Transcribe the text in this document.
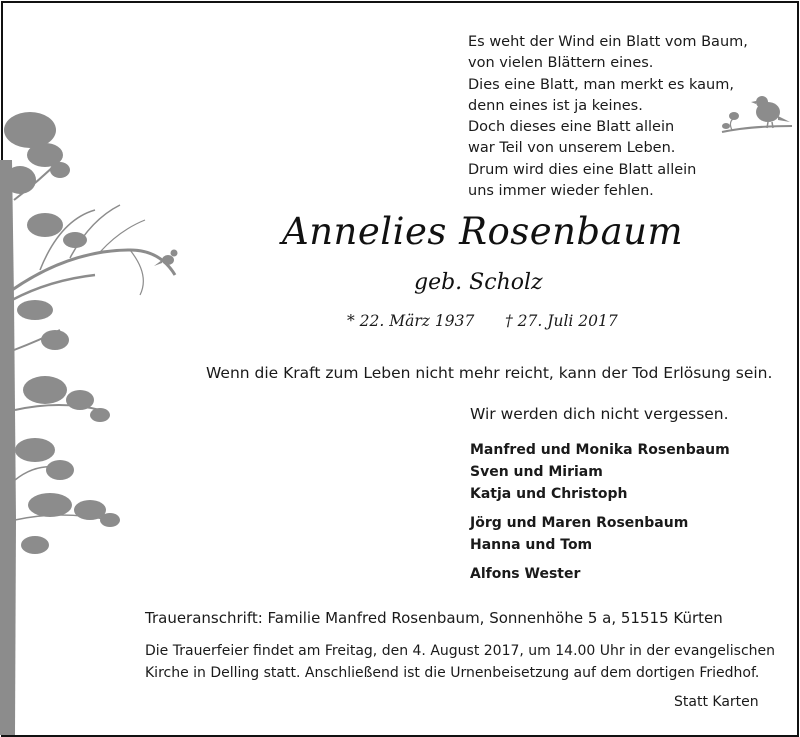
Es weht der Wind ein Blatt vom Baum,
von vielen Blättern eines.
Dies eine Blatt, man merkt es kaum,
denn eines ist ja keines.
Doch dieses eine Blatt allein
war Teil von unserem Leben.
Drum wird dies eine Blatt allein
uns immer wieder fehlen.
Annelies Rosenbaum
geb. Scholz
* 22. März 1937 † 27. Juli 2017
Wenn die Kraft zum Leben nicht mehr reicht, kann der Tod Erlösung sein.
Wir werden dich nicht vergessen.
Manfred und Monika Rosenbaum
Sven und Miriam
Katja und Christoph
Jörg und Maren Rosenbaum
Hanna und Tom
Alfons Wester
Traueranschrift: Familie Manfred Rosenbaum, Sonnenhöhe 5 a, 51515 Kürten
Die Trauerfeier findet am Freitag, den 4. August 2017, um 14.00 Uhr in der evangelischen
Kirche in Delling statt. Anschließend ist die Urnenbeisetzung auf dem dortigen Friedhof.
Statt Karten
